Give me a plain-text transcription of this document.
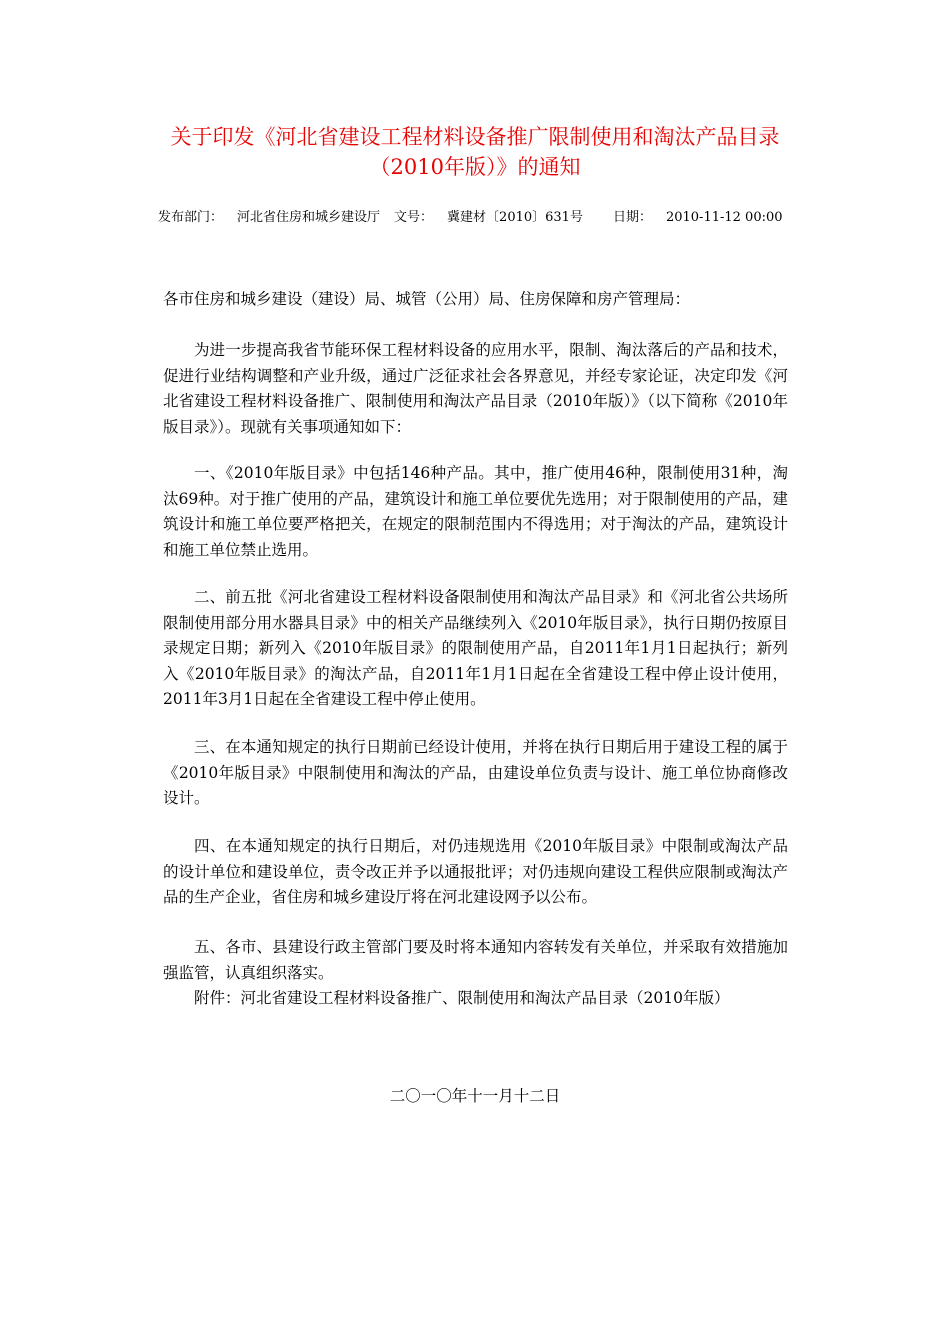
关于印发《河北省建设工程材料设备推广限制使用和淘汰产品目录
（2010年版）》的通知
发布部门： 河北省住房和城乡建设厅 文号： 冀建材〔2010〕631号 日期： 2010-11-12 00:00
各市住房和城乡建设（建设）局、城管（公用）局、住房保障和房产管理局：

为进一步提高我省节能环保工程材料设备的应用水平，限制、淘汰落后的产品和技术，促进行业结构调整和产业升级，通过广泛征求社会各界意见，并经专家论证，决定印发《河北省建设工程材料设备推广、限制使用和淘汰产品目录（2010年版）》（以下简称《2010年版目录》）。现就有关事项通知如下：

一、《2010年版目录》中包括146种产品。其中，推广使用46种，限制使用31种，淘汰69种。对于推广使用的产品，建筑设计和施工单位要优先选用；对于限制使用的产品，建筑设计和施工单位要严格把关，在规定的限制范围内不得选用；对于淘汰的产品，建筑设计和施工单位禁止选用。

二、前五批《河北省建设工程材料设备限制使用和淘汰产品目录》和《河北省公共场所限制使用部分用水器具目录》中的相关产品继续列入《2010年版目录》，执行日期仍按原目录规定日期；新列入《2010年版目录》的限制使用产品，自2011年1月1日起执行；新列入《2010年版目录》的淘汰产品，自2011年1月1日起在全省建设工程中停止设计使用，2011年3月1日起在全省建设工程中停止使用。

三、在本通知规定的执行日期前已经设计使用，并将在执行日期后用于建设工程的属于《2010年版目录》中限制使用和淘汰的产品，由建设单位负责与设计、施工单位协商修改设计。

四、在本通知规定的执行日期后，对仍违规选用《2010年版目录》中限制或淘汰产品的设计单位和建设单位，责令改正并予以通报批评；对仍违规向建设工程供应限制或淘汰产品的生产企业，省住房和城乡建设厅将在河北建设网予以公布。

五、各市、县建设行政主管部门要及时将本通知内容转发有关单位，并采取有效措施加强监管，认真组织落实。

附件：河北省建设工程材料设备推广、限制使用和淘汰产品目录（2010年版）

二〇一〇年十一月十二日
